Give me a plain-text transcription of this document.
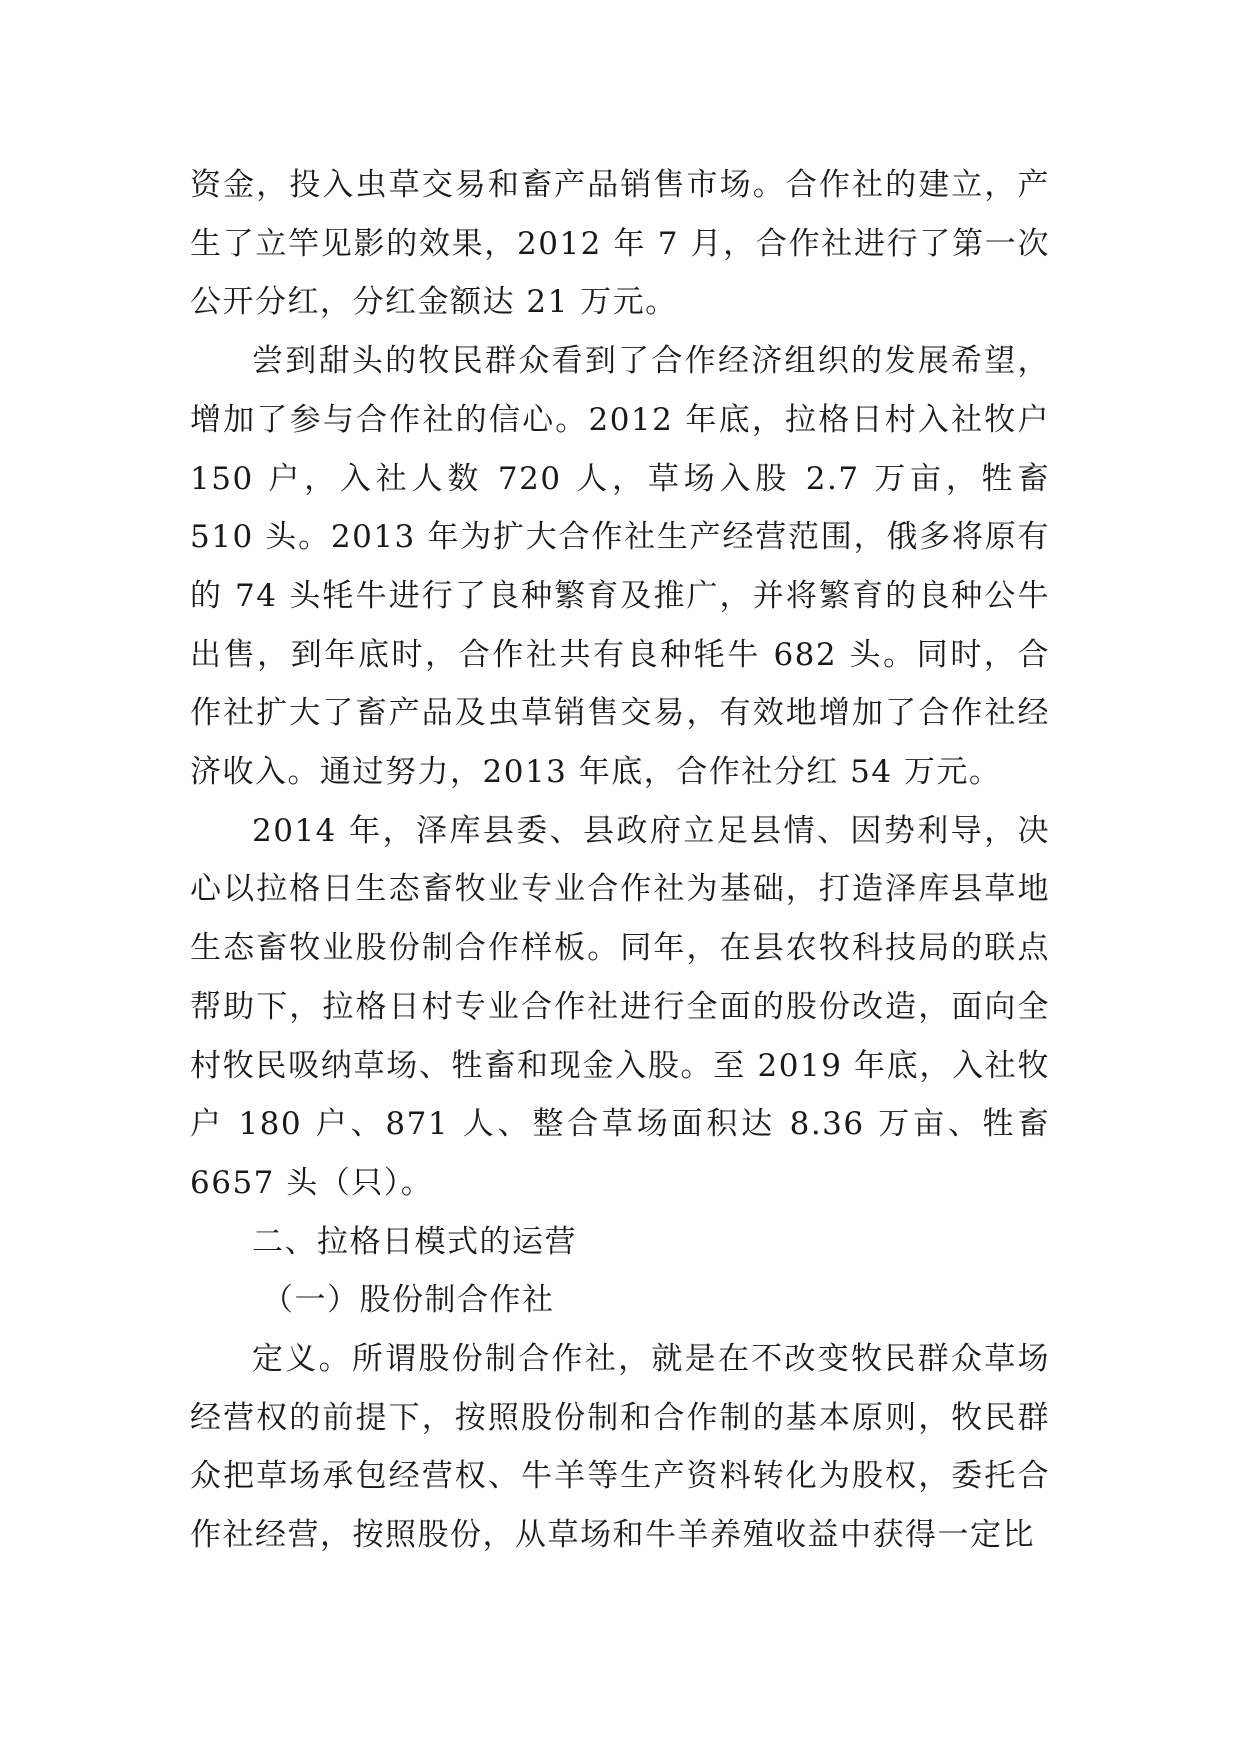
资金，投入虫草交易和畜产品销售市场。合作社的建立，产生了立竿见影的效果，2012 年 7 月，合作社进行了第一次公开分红，分红金额达 21 万元。

尝到甜头的牧民群众看到了合作经济组织的发展希望，增加了参与合作社的信心。2012 年底，拉格日村入社牧户 150 户，入社人数 720 人，草场入股 2.7 万亩，牲畜 510 头。2013 年为扩大合作社生产经营范围，俄多将原有的 74 头牦牛进行了良种繁育及推广，并将繁育的良种公牛出售，到年底时，合作社共有良种牦牛 682 头。同时，合作社扩大了畜产品及虫草销售交易，有效地增加了合作社经济收入。通过努力，2013 年底，合作社分红 54 万元。

2014 年，泽库县委、县政府立足县情、因势利导，决心以拉格日生态畜牧业专业合作社为基础，打造泽库县草地生态畜牧业股份制合作样板。同年，在县农牧科技局的联点帮助下，拉格日村专业合作社进行全面的股份改造，面向全村牧民吸纳草场、牲畜和现金入股。至 2019 年底，入社牧户 180 户、871 人、整合草场面积达 8.36 万亩、牲畜 6657 头（只）。

二、拉格日模式的运营

（一）股份制合作社

定义。所谓股份制合作社，就是在不改变牧民群众草场经营权的前提下，按照股份制和合作制的基本原则，牧民群众把草场承包经营权、牛羊等生产资料转化为股权，委托合作社经营，按照股份，从草场和牛羊养殖收益中获得一定比
